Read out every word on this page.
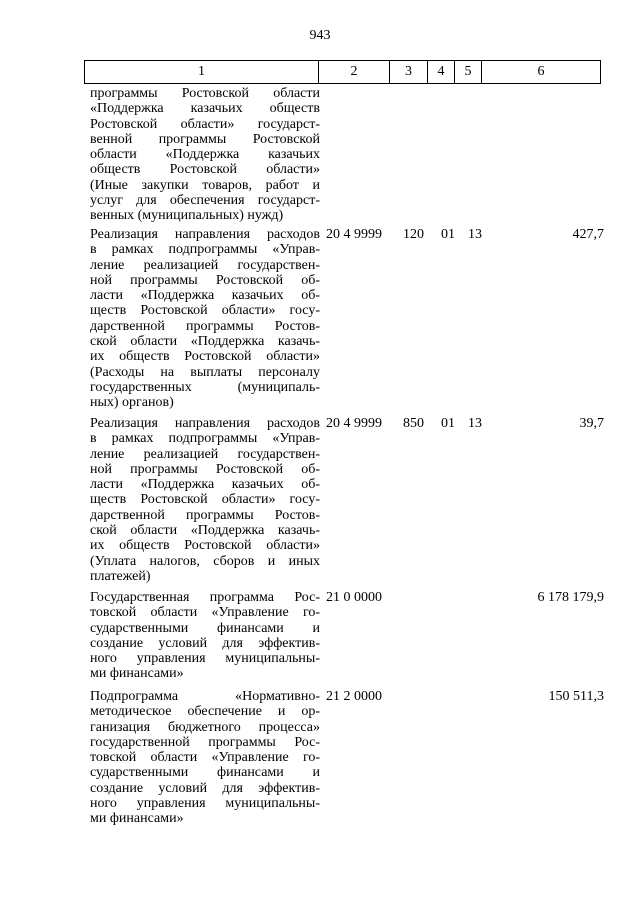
943
1	2	3	4	5	6
программы Ростовской области
«Поддержка казачьих обществ
Ростовской области» государст-
венной программы Ростовской
области «Поддержка казачьих
обществ Ростовской области»
(Иные закупки товаров, работ и
услуг для обеспечения государст-
венных (муниципальных) нужд)
Реализация направления расходов
в рамках подпрограммы «Управ-
ление реализацией государствен-
ной программы Ростовской об-
ласти «Поддержка казачьих об-
ществ Ростовской области» госу-
дарственной программы Ростов-
ской области «Поддержка казачь-
их обществ Ростовской области»
(Расходы на выплаты персоналу
государственных (муниципаль-
ных) органов)
20 4 9999 120 01 13	427,7
Реализация направления расходов
в рамках подпрограммы «Управ-
ление реализацией государствен-
ной программы Ростовской об-
ласти «Поддержка казачьих об-
ществ Ростовской области» госу-
дарственной программы Ростов-
ской области «Поддержка казачь-
их обществ Ростовской области»
(Уплата налогов, сборов и иных
платежей)
20 4 9999 850 01 13	39,7
Государственная программа Рос-
товской области «Управление го-
сударственными финансами и
создание условий для эффектив-
ного управления муниципальны-
ми финансами»
21 0 0000	6 178 179,9
Подпрограмма «Нормативно-
методическое обеспечение и ор-
ганизация бюджетного процесса»
государственной программы Рос-
товской области «Управление го-
сударственными финансами и
создание условий для эффектив-
ного управления муниципальны-
ми финансами»
21 2 0000	150 511,3
